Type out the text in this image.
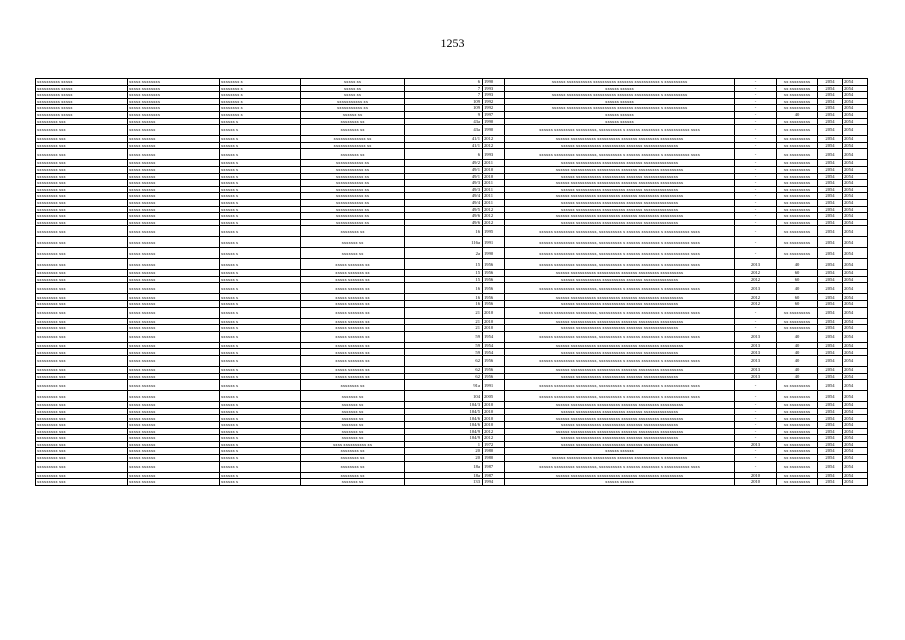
1253
xxxxxxxxxx xxxxx	xxxxx xxxxxxxx	xxxxxxxx x	xxxxx xx	6	1990	xxxxxx xxxxxxxxxxx xxxxxxxxxx xxxxxxx xxxxxxxxxxx x xxxxxxxxxx	-	xx xxxxxxxxx	2054	2054
xxxxxxxxxx xxxxx	xxxxx xxxxxxxx	xxxxxxxx x	xxxxx xx	7	1993	xxxxxx xxxxxx	-	xx xxxxxxxxx	2054	2054
xxxxxxxxxx xxxxx	xxxxx xxxxxxxx	xxxxxxxx x	xxxxx xx	7	1993	xxxxxx xxxxxxxxxxx xxxxxxxxxx xxxxxxx xxxxxxxxxxx x xxxxxxxxxx	-	xx xxxxxxxxx	2054	2054
xxxxxxxxxx xxxxx	xxxxx xxxxxxxx	xxxxxxxx x	xxxxxxxxxxx xx	109	1992	xxxxxx xxxxxx	-	xx xxxxxxxxx	2054	2054
xxxxxxxxxx xxxxx	xxxxx xxxxxxxx	xxxxxxxx x	xxxxxxxxxxx xx	109	1992	xxxxxx xxxxxxxxxxx xxxxxxxxxx xxxxxxx xxxxxxxxxxx x xxxxxxxxxx	-	xx xxxxxxxxx	2054	2054
xxxxxxxxxx xxxxx	xxxxx xxxxxxxx	xxxxxxxx x	xxxxxx xx	9	1997	xxxxxx xxxxxx	-	40	2054	2054
xxxxxxxxx xxx	xxxxx xxxxxx	xxxxxx x	xxxxxxxx xx	43a	1990	xxxxxx xxxxxx	-	xx xxxxxxxxx	2054	2054
xxxxxxxxx xxx	xxxxx xxxxxx	xxxxxx x	xxxxxxxx xx	43a	1990	xxxxxx xxxxxxxxx xxxxxxxxx, xxxxxxxxxx x xxxxxx xxxxxxxx x xxxxxxxxxxx xxxx	-	xx xxxxxxxxx	2054	2054
xxxxxxxxx xxx	xxxxx xxxxxx	xxxxxx x	xxxxxxxxxxxxxx xx	41/1	2012	xxxxxx xxxxxxxxxxx xxxxxxxxxx xxxxxxx xxxxxxxxx xxxxxxxxxx	-	xx xxxxxxxxx	2054	2054
xxxxxxxxx xxx	xxxxx xxxxxx	xxxxxx x	xxxxxxxxxxxxxx xx	41/1	2012	xxxxxx xxxxxxxxxxx xxxxxxxxxx xxxxxxx xxxxxxxxxxxxxxx	-	xx xxxxxxxxx	2054	2054
xxxxxxxxx xxx	xxxxx xxxxxx	xxxxxx x	xxxxxxxx xx	6	1993	xxxxxx xxxxxxxxx xxxxxxxxx, xxxxxxxxxx x xxxxxx xxxxxxxx x xxxxxxxxxxx xxxx	-	xx xxxxxxxxx	2054	2054
xxxxxxxxx xxx	xxxxx xxxxxx	xxxxxx x	xxxxxxxxxxxx xx	49/2	2011	xxxxxx xxxxxxxxxxx xxxxxxxxxx xxxxxxx xxxxxxxxxxxxxxx	-	xx xxxxxxxxx	2054	2054
xxxxxxxxx xxx	xxxxx xxxxxx	xxxxxx x	xxxxxxxxxxxx xx	49/1	2010	xxxxxx xxxxxxxxxxx xxxxxxxxxx xxxxxxx xxxxxxxxx xxxxxxxxxx	-	xx xxxxxxxxx	2054	2054
xxxxxxxxx xxx	xxxxx xxxxxx	xxxxxx x	xxxxxxxxxxxx xx	49/1	2010	xxxxxx xxxxxxxxxxx xxxxxxxxxx xxxxxxx xxxxxxxxxxxxxxx	-	xx xxxxxxxxx	2054	2054
xxxxxxxxx xxx	xxxxx xxxxxx	xxxxxx x	xxxxxxxxxxxx xx	49/3	2011	xxxxxx xxxxxxxxxxx xxxxxxxxxx xxxxxxx xxxxxxxxx xxxxxxxxxx	-	xx xxxxxxxxx	2054	2054
xxxxxxxxx xxx	xxxxx xxxxxx	xxxxxx x	xxxxxxxxxxxx xx	49/3	2011	xxxxxx xxxxxxxxxxx xxxxxxxxxx xxxxxxx xxxxxxxxxxxxxxx	-	xx xxxxxxxxx	2054	2054
xxxxxxxxx xxx	xxxxx xxxxxx	xxxxxx x	xxxxxxxxxxxx xx	49/4	2011	xxxxxx xxxxxxxxxxx xxxxxxxxxx xxxxxxx xxxxxxxxx xxxxxxxxxx	-	xx xxxxxxxxx	2054	2054
xxxxxxxxx xxx	xxxxx xxxxxx	xxxxxx x	xxxxxxxxxxxx xx	49/4	2011	xxxxxx xxxxxxxxxxx xxxxxxxxxx xxxxxxx xxxxxxxxxxxxxxx	-	xx xxxxxxxxx	2054	2054
xxxxxxxxx xxx	xxxxx xxxxxx	xxxxxx x	xxxxxxxxxxxx xx	49/5	2012	xxxxxx xxxxxxxxxxx xxxxxxxxxx xxxxxxx xxxxxxxxxxxxxxx	-	xx xxxxxxxxx	2054	2054
xxxxxxxxx xxx	xxxxx xxxxxx	xxxxxx x	xxxxxxxxxxxx xx	49/6	2012	xxxxxx xxxxxxxxxxx xxxxxxxxxx xxxxxxx xxxxxxxxx xxxxxxxxxx	-	xx xxxxxxxxx	2054	2054
xxxxxxxxx xxx	xxxxx xxxxxx	xxxxxx x	xxxxxxxxxxxx xx	49/6	2012	xxxxxx xxxxxxxxxxx xxxxxxxxxx xxxxxxx xxxxxxxxxxxxxxx	-	xx xxxxxxxxx	2054	2054
xxxxxxxxx xxx	xxxxx xxxxxx	xxxxxx x	xxxxxxxx xx	16	1995	xxxxxx xxxxxxxxx xxxxxxxxx, xxxxxxxxxx x xxxxxx xxxxxxxx x xxxxxxxxxxx xxxx	-	xx xxxxxxxxx	2054	2054
xxxxxxxxx xxx	xxxxx xxxxxx	xxxxxx x	xxxxxxx xx	116a	1991	xxxxxx xxxxxxxxx xxxxxxxxx, xxxxxxxxxx x xxxxxx xxxxxxxx x xxxxxxxxxxx xxxx	-	xx xxxxxxxxx	2054	2054
xxxxxxxxx xxx	xxxxx xxxxxx	xxxxxx x	xxxxxxx xx	2a	1990	xxxxxx xxxxxxxxx xxxxxxxxx, xxxxxxxxxx x xxxxxx xxxxxxxx x xxxxxxxxxxx xxxx	-	xx xxxxxxxxx	2054	2054
xxxxxxxxx xxx	xxxxx xxxxxx	xxxxxx x	xxxxx xxxxxxx xx	15	1956	xxxxxx xxxxxxxxx xxxxxxxxx, xxxxxxxxxx x xxxxxx xxxxxxxx x xxxxxxxxxxx xxxx	2013	40	2054	2054
xxxxxxxxx xxx	xxxxx xxxxxx	xxxxxx x	xxxxx xxxxxxx xx	15	1956	xxxxxx xxxxxxxxxxx xxxxxxxxxx xxxxxxx xxxxxxxxx xxxxxxxxxx	2012	60	2054	2054
xxxxxxxxx xxx	xxxxx xxxxxx	xxxxxx x	xxxxx xxxxxxx xx	15	1956	xxxxxx xxxxxxxxxxx xxxxxxxxxx xxxxxxx xxxxxxxxxxxxxxx	2012	60	2054	2054
xxxxxxxxx xxx	xxxxx xxxxxx	xxxxxx x	xxxxx xxxxxxx xx	16	1956	xxxxxx xxxxxxxxx xxxxxxxxx, xxxxxxxxxx x xxxxxx xxxxxxxx x xxxxxxxxxxx xxxx	2013	40	2054	2054
xxxxxxxxx xxx	xxxxx xxxxxx	xxxxxx x	xxxxx xxxxxxx xx	16	1956	xxxxxx xxxxxxxxxxx xxxxxxxxxx xxxxxxx xxxxxxxxx xxxxxxxxxx	2012	60	2054	2054
xxxxxxxxx xxx	xxxxx xxxxxx	xxxxxx x	xxxxx xxxxxxx xx	16	1956	xxxxxx xxxxxxxxxxx xxxxxxxxxx xxxxxxx xxxxxxxxxxxxxxx	2012	60	2054	2054
xxxxxxxxx xxx	xxxxx xxxxxx	xxxxxx x	xxxxx xxxxxxx xx	21	2010	xxxxxx xxxxxxxxx xxxxxxxxx, xxxxxxxxxx x xxxxxx xxxxxxxx x xxxxxxxxxxx xxxx	-	xx xxxxxxxxx	2054	2054
xxxxxxxxx xxx	xxxxx xxxxxx	xxxxxx x	xxxxx xxxxxxx xx	21	2010	xxxxxx xxxxxxxxxxx xxxxxxxxxx xxxxxxx xxxxxxxxx xxxxxxxxxx	-	xx xxxxxxxxx	2054	2054
xxxxxxxxx xxx	xxxxx xxxxxx	xxxxxx x	xxxxx xxxxxxx xx	21	2010	xxxxxx xxxxxxxxxxx xxxxxxxxxx xxxxxxx xxxxxxxxxxxxxxx	-	xx xxxxxxxxx	2054	2054
xxxxxxxxx xxx	xxxxx xxxxxx	xxxxxx x	xxxxx xxxxxxx xx	59	1954	xxxxxx xxxxxxxxx xxxxxxxxx, xxxxxxxxxx x xxxxxx xxxxxxxx x xxxxxxxxxxx xxxx	2013	40	2054	2054
xxxxxxxxx xxx	xxxxx xxxxxx	xxxxxx x	xxxxx xxxxxxx xx	59	1954	xxxxxx xxxxxxxxxxx xxxxxxxxxx xxxxxxx xxxxxxxxx xxxxxxxxxx	2013	40	2054	2054
xxxxxxxxx xxx	xxxxx xxxxxx	xxxxxx x	xxxxx xxxxxxx xx	59	1954	xxxxxx xxxxxxxxxxx xxxxxxxxxx xxxxxxx xxxxxxxxxxxxxxx	2013	40	2054	2054
xxxxxxxxx xxx	xxxxx xxxxxx	xxxxxx x	xxxxx xxxxxxx xx	62	1956	xxxxxx xxxxxxxxx xxxxxxxxx, xxxxxxxxxx x xxxxxx xxxxxxxx x xxxxxxxxxxx xxxx	2013	40	2054	2054
xxxxxxxxx xxx	xxxxx xxxxxx	xxxxxx x	xxxxx xxxxxxx xx	62	1956	xxxxxx xxxxxxxxxxx xxxxxxxxxx xxxxxxx xxxxxxxxx xxxxxxxxxx	2013	40	2054	2054
xxxxxxxxx xxx	xxxxx xxxxxx	xxxxxx x	xxxxx xxxxxxx xx	62	1956	xxxxxx xxxxxxxxxxx xxxxxxxxxx xxxxxxx xxxxxxxxxxxxxxx	2013	40	2054	2054
xxxxxxxxx xxx	xxxxx xxxxxx	xxxxxx x	xxxxxxxx xx	91a	1991	xxxxxx xxxxxxxxx xxxxxxxxx, xxxxxxxxxx x xxxxxx xxxxxxxx x xxxxxxxxxxx xxxx	-	xx xxxxxxxxx	2054	2054
xxxxxxxxx xxx	xxxxx xxxxxx	xxxxxx x	xxxxxxx xx	104	2005	xxxxxx xxxxxxxxx xxxxxxxxx, xxxxxxxxxx x xxxxxx xxxxxxxx x xxxxxxxxxxx xxxx	-	xx xxxxxxxxx	2054	2054
xxxxxxxxx xxx	xxxxx xxxxxx	xxxxxx x	xxxxxxx xx	104/3	2010	xxxxxx xxxxxxxxxxx xxxxxxxxxx xxxxxxx xxxxxxxxx xxxxxxxxxx	-	xx xxxxxxxxx	2054	2054
xxxxxxxxx xxx	xxxxx xxxxxx	xxxxxx x	xxxxxxx xx	104/5	2010	xxxxxx xxxxxxxxxxx xxxxxxxxxx xxxxxxx xxxxxxxxxxxxxxx	-	xx xxxxxxxxx	2054	2054
xxxxxxxxx xxx	xxxxx xxxxxx	xxxxxx x	xxxxxxx xx	104/6	2010	xxxxxx xxxxxxxxxxx xxxxxxxxxx xxxxxxx xxxxxxxxx xxxxxxxxxx	-	xx xxxxxxxxx	2054	2054
xxxxxxxxx xxx	xxxxx xxxxxx	xxxxxx x	xxxxxxx xx	104/6	2010	xxxxxx xxxxxxxxxxx xxxxxxxxxx xxxxxxx xxxxxxxxxxxxxxx	-	xx xxxxxxxxx	2054	2054
xxxxxxxxx xxx	xxxxx xxxxxx	xxxxxx x	xxxxxxx xx	104/9	2012	xxxxxx xxxxxxxxxxx xxxxxxxxxx xxxxxxx xxxxxxxxx xxxxxxxxxx	-	xx xxxxxxxxx	2054	2054
xxxxxxxxx xxx	xxxxx xxxxxx	xxxxxx x	xxxxxxx xx	104/9	2012	xxxxxx xxxxxxxxxxx xxxxxxxxxx xxxxxxx xxxxxxxxxxxxxxx	-	xx xxxxxxxxx	2054	2054
xxxxxxxxx xxx	xxxxx xxxxxx	xxxxxx x	xxxx xxxxxxxxxx xx	1	1972	xxxxxx xxxxxxxxxxx xxxxxxxxxx xxxxxxx xxxxxxxxxxxxxxx	2013	xx xxxxxxxxx	2054	2054
xxxxxxxxx xxx	xxxxx xxxxxx	xxxxxx x	xxxxxxxx xx	20	1980	xxxxxx xxxxxx	-	xx xxxxxxxxx	2054	2054
xxxxxxxxx xxx	xxxxx xxxxxx	xxxxxx x	xxxxxxxx xx	20	1980	xxxxxx xxxxxxxxxxx xxxxxxxxxx xxxxxxx xxxxxxxxxxx x xxxxxxxxxx	-	xx xxxxxxxxx	2054	2054
xxxxxxxxx xxx	xxxxx xxxxxx	xxxxxx x	xxxxxxxx xx	18a	1987	xxxxxx xxxxxxxxx xxxxxxxxx, xxxxxxxxxx x xxxxxx xxxxxxxx x xxxxxxxxxxx xxxx	-	xx xxxxxxxxx	2054	2054
xxxxxxxxx xxx	xxxxx xxxxxx	xxxxxx x	xxxxxxxx xx	18a	1987	xxxxxx xxxxxxxxxxx xxxxxxxxxx xxxxxxx xxxxxxxxx xxxxxxxxxx	2010	xx xxxxxxxxx	2054	2054
xxxxxxxxx xxx	xxxxx xxxxxx	xxxxxx x	xxxxxxx xx	133	1994	xxxxxx xxxxxx	2010	xx xxxxxxxxx	2054	2054
